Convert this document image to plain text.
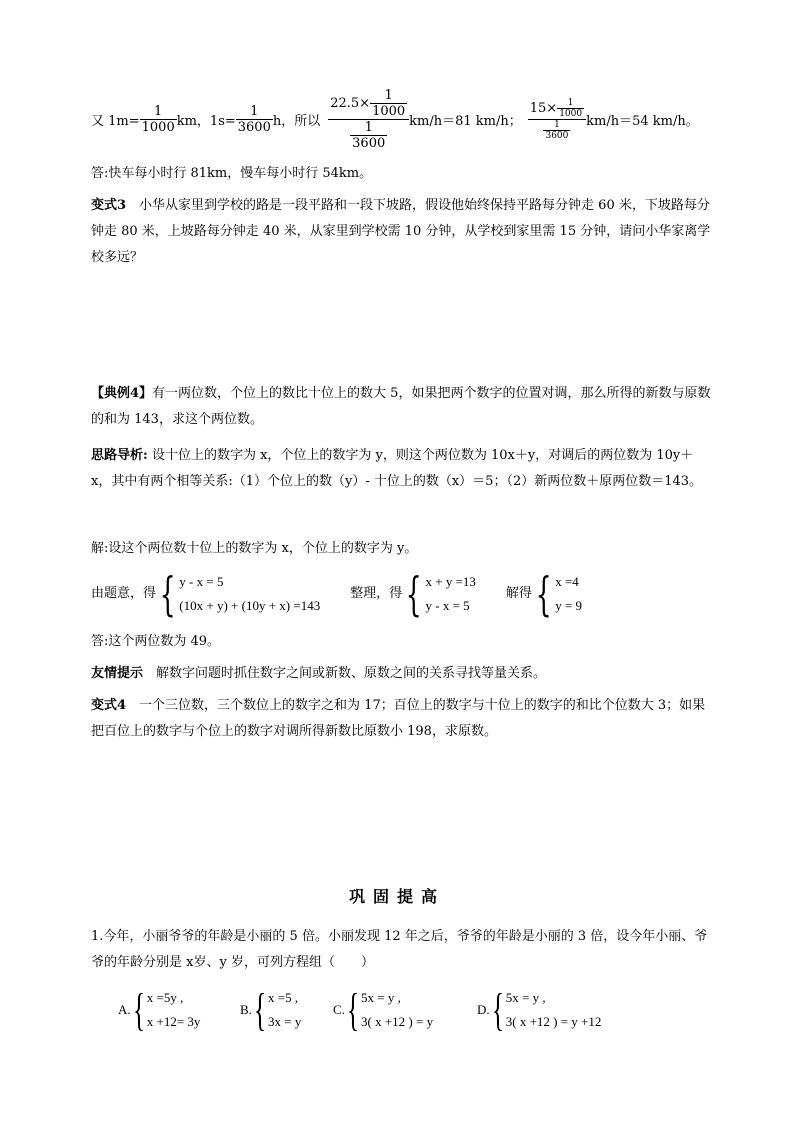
又 $1m= \frac{1}{1000}$ km，$1s= \frac{1}{3600}$ h，所以 $\frac{22.5\times \frac{1}{1000}}{\frac{1}{3600}} km/h=81$ km/h； $\frac{15\times \frac{1}{1000}}{\frac{1}{3600}} km/h=54$ km/h。
答:快车每小时行 81km，慢车每小时行 54km。
变式3　小华从家里到学校的路是一段平路和一段下坡路，假设他始终保持平路每分钟走 60 米，下坡路每分钟走 80 米，上坡路每分钟走 40 米，从家里到学校需 10 分钟，从学校到家里需 15 分钟，请问小华家离学校多远？
【典例4】有一两位数，个位上的数比十位上的数大 5，如果把两个数字的位置对调，那么所得的新数与原数的和为 143，求这个两位数。
思路导析: 设十位上的数字为 x，个位上的数字为 y，则这个两位数为 10x＋y，对调后的两位数为 10y＋x，其中有两个相等关系:（1）个位上的数（y）- 十位上的数（x）＝5；（2）新两位数＋原两位数＝143。
解:设这个两位数十位上的数字为 x，个位上的数字为 y。
由题意，得 { y - x = 5
(10x + y) + (10y + x) =143
整理，得 { x + y =13
y - x = 5
解得 { x =4
y = 9
答:这个两位数为 49。
友情提示　解数字问题时抓住数字之间或新数、原数之间的关系寻找等量关系。
变式4　一个三位数，三个数位上的数字之和为 17；百位上的数字与十位上的数字的和比个位数大 3；如果把百位上的数字与个位上的数字对调所得新数比原数小 198，求原数。
巩固提高
1.今年，小丽爷爷的年龄是小丽的 5 倍。小丽发现 12 年之后，爷爷的年龄是小丽的 3 倍，设今年小丽、爷爷的年龄分别是 x岁、y 岁，可列方程组（　　）
A. { x =5y ,
x +12= 3y
B. { x =5 ,
3x = y
C. { 5x = y ,
3( x +12 ) = y
D. { 5x = y ,
3( x +12 ) = y +12
